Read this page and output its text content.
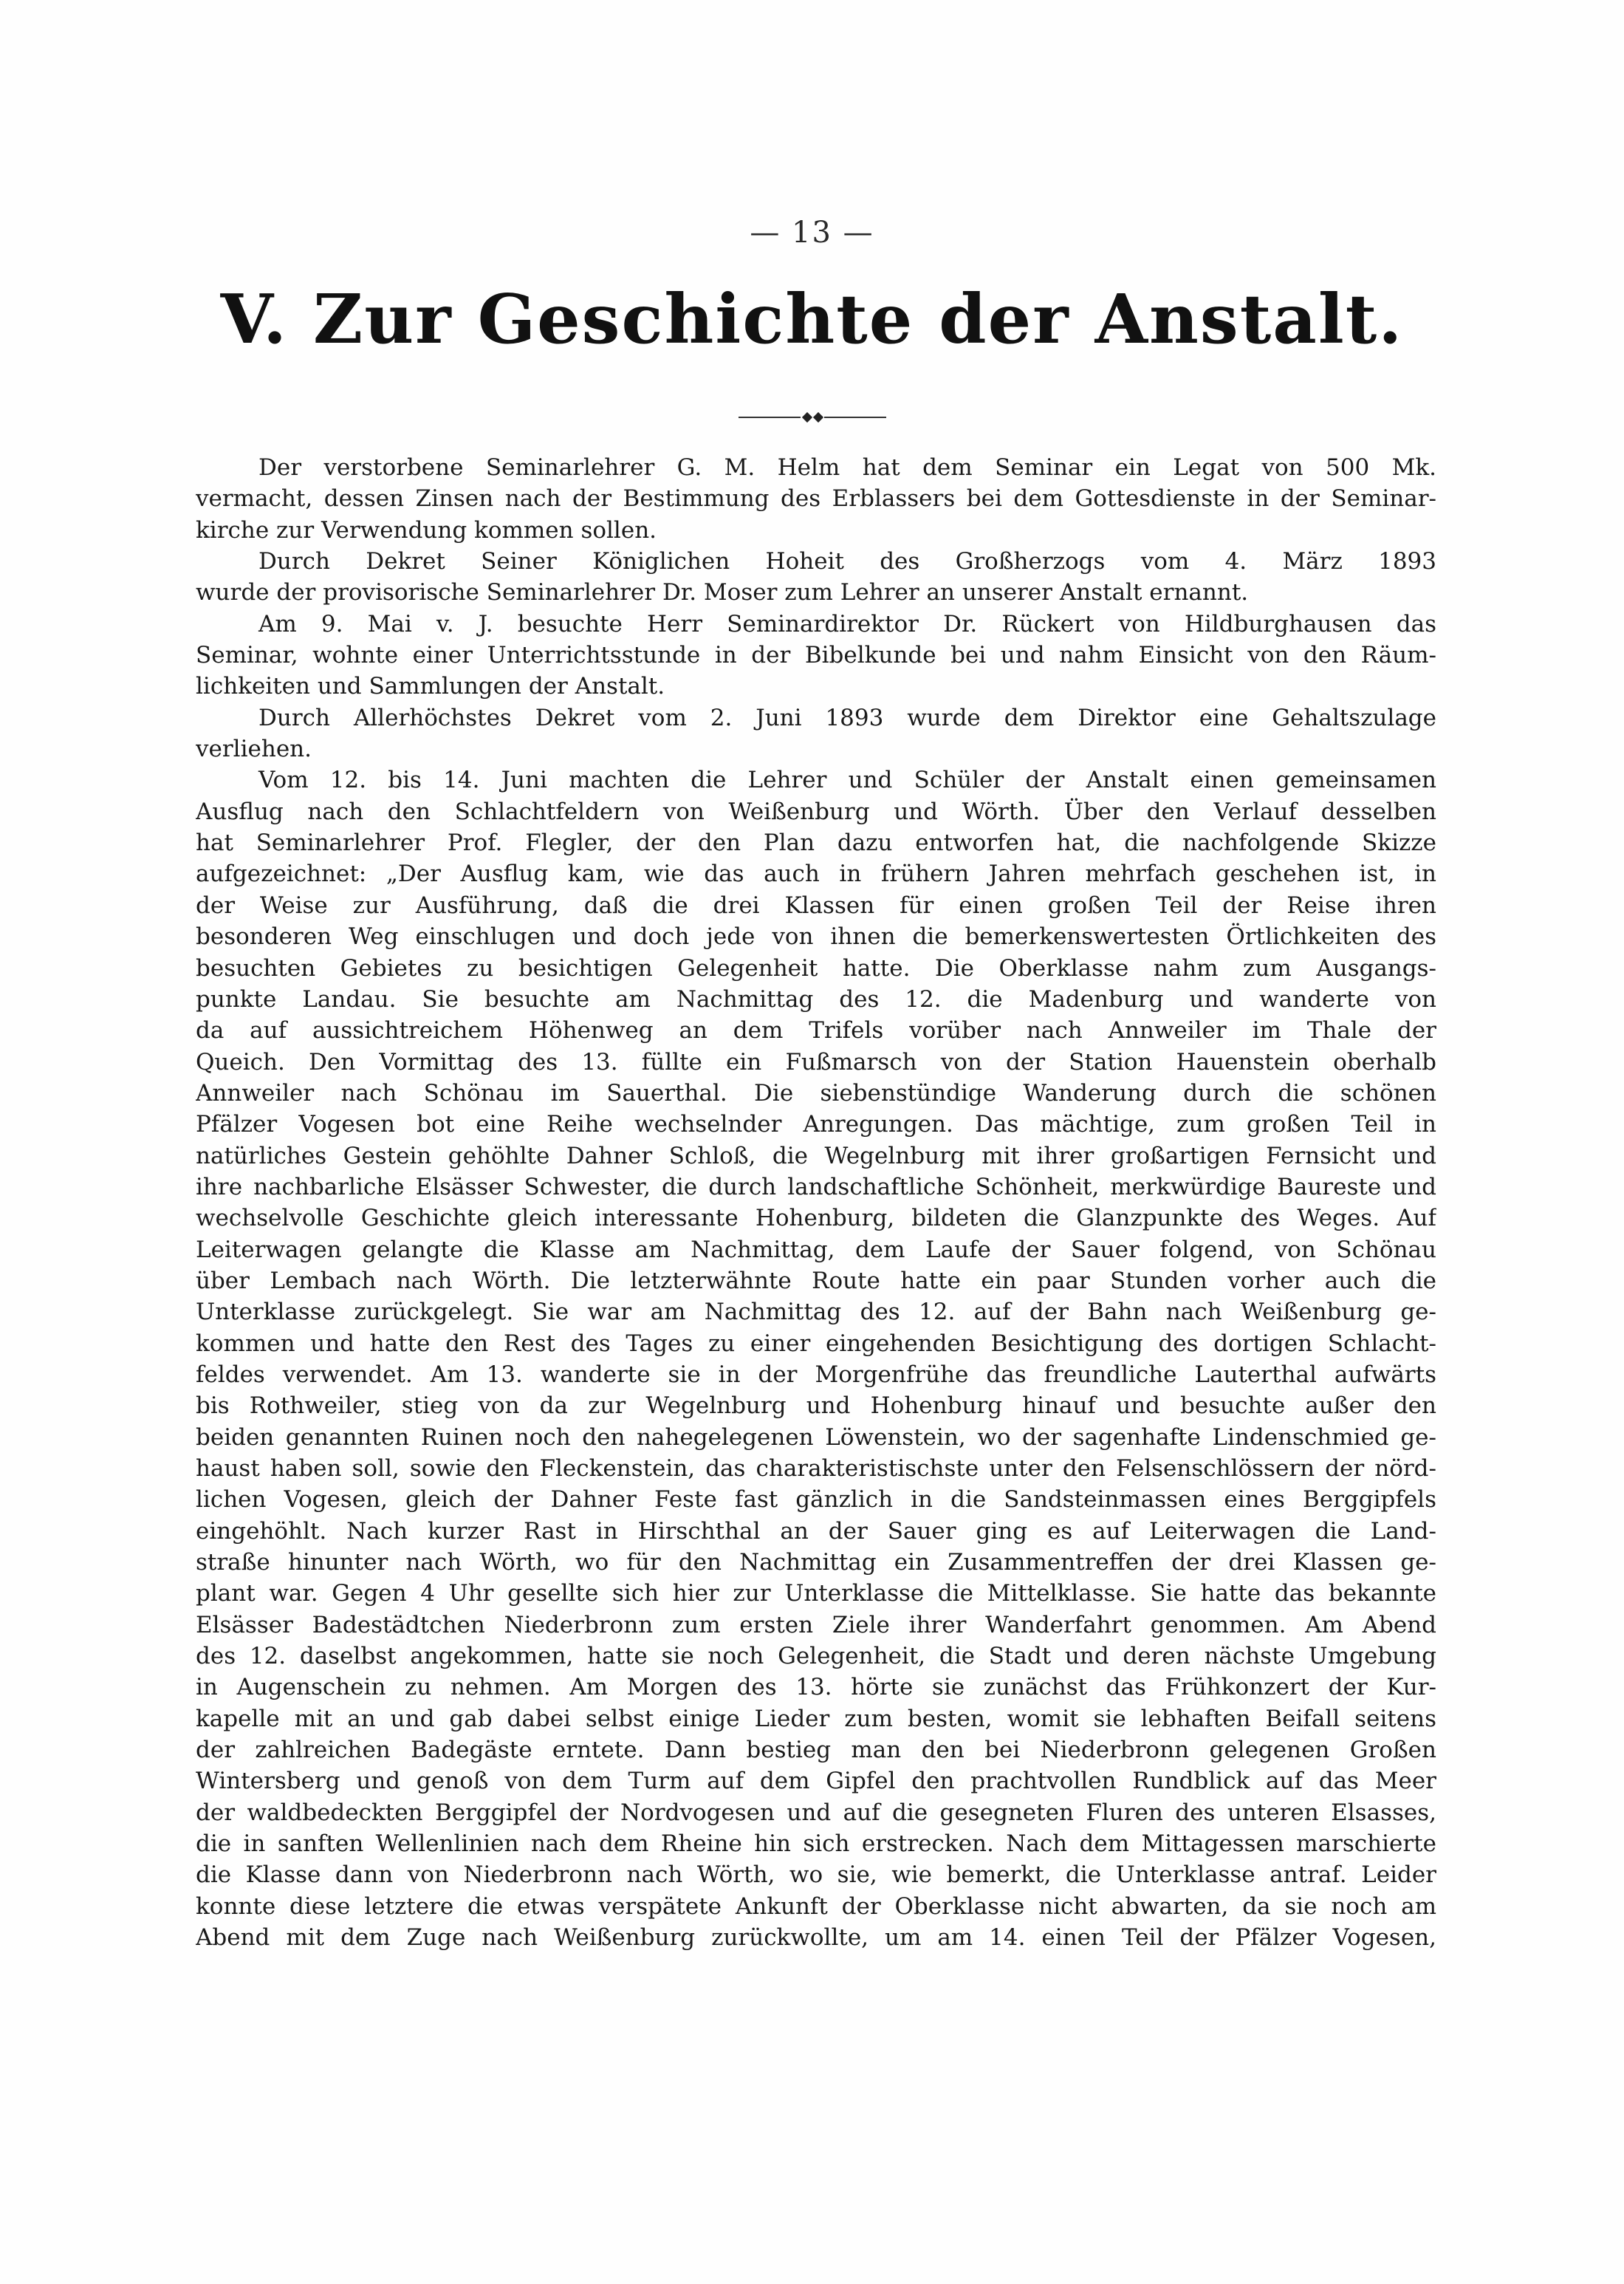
— 13 —
V. Zur Geschichte der Anstalt.
Der verstorbene Seminarlehrer G. M. Helm hat dem Seminar ein Legat von 500 Mk.
vermacht, dessen Zinsen nach der Bestimmung des Erblassers bei dem Gottesdienste in der Seminar-
kirche zur Verwendung kommen sollen.
Durch Dekret Seiner Königlichen Hoheit des Großherzogs vom 4. März 1893
wurde der provisorische Seminarlehrer Dr. Moser zum Lehrer an unserer Anstalt ernannt.
Am 9. Mai v. J. besuchte Herr Seminardirektor Dr. Rückert von Hildburghausen das
Seminar, wohnte einer Unterrichtsstunde in der Bibelkunde bei und nahm Einsicht von den Räum-
lichkeiten und Sammlungen der Anstalt.
Durch Allerhöchstes Dekret vom 2. Juni 1893 wurde dem Direktor eine Gehaltszulage
verliehen.
Vom 12. bis 14. Juni machten die Lehrer und Schüler der Anstalt einen gemeinsamen
Ausflug nach den Schlachtfeldern von Weißenburg und Wörth. Über den Verlauf desselben
hat Seminarlehrer Prof. Flegler, der den Plan dazu entworfen hat, die nachfolgende Skizze
aufgezeichnet: „Der Ausflug kam, wie das auch in frühern Jahren mehrfach geschehen ist, in
der Weise zur Ausführung, daß die drei Klassen für einen großen Teil der Reise ihren
besonderen Weg einschlugen und doch jede von ihnen die bemerkenswertesten Örtlichkeiten des
besuchten Gebietes zu besichtigen Gelegenheit hatte. Die Oberklasse nahm zum Ausgangs-
punkte Landau. Sie besuchte am Nachmittag des 12. die Madenburg und wanderte von
da auf aussichtreichem Höhenweg an dem Trifels vorüber nach Annweiler im Thale der
Queich. Den Vormittag des 13. füllte ein Fußmarsch von der Station Hauenstein oberhalb
Annweiler nach Schönau im Sauerthal. Die siebenstündige Wanderung durch die schönen
Pfälzer Vogesen bot eine Reihe wechselnder Anregungen. Das mächtige, zum großen Teil in
natürliches Gestein gehöhlte Dahner Schloß, die Wegelnburg mit ihrer großartigen Fernsicht und
ihre nachbarliche Elsässer Schwester, die durch landschaftliche Schönheit, merkwürdige Baureste und
wechselvolle Geschichte gleich interessante Hohenburg, bildeten die Glanzpunkte des Weges. Auf
Leiterwagen gelangte die Klasse am Nachmittag, dem Laufe der Sauer folgend, von Schönau
über Lembach nach Wörth. Die letzterwähnte Route hatte ein paar Stunden vorher auch die
Unterklasse zurückgelegt. Sie war am Nachmittag des 12. auf der Bahn nach Weißenburg ge-
kommen und hatte den Rest des Tages zu einer eingehenden Besichtigung des dortigen Schlacht-
feldes verwendet. Am 13. wanderte sie in der Morgenfrühe das freundliche Lauterthal aufwärts
bis Rothweiler, stieg von da zur Wegelnburg und Hohenburg hinauf und besuchte außer den
beiden genannten Ruinen noch den nahegelegenen Löwenstein, wo der sagenhafte Lindenschmied ge-
haust haben soll, sowie den Fleckenstein, das charakteristischste unter den Felsenschlössern der nörd-
lichen Vogesen, gleich der Dahner Feste fast gänzlich in die Sandsteinmassen eines Berggipfels
eingehöhlt. Nach kurzer Rast in Hirschthal an der Sauer ging es auf Leiterwagen die Land-
straße hinunter nach Wörth, wo für den Nachmittag ein Zusammentreffen der drei Klassen ge-
plant war. Gegen 4 Uhr gesellte sich hier zur Unterklasse die Mittelklasse. Sie hatte das bekannte
Elsässer Badestädtchen Niederbronn zum ersten Ziele ihrer Wanderfahrt genommen. Am Abend
des 12. daselbst angekommen, hatte sie noch Gelegenheit, die Stadt und deren nächste Umgebung
in Augenschein zu nehmen. Am Morgen des 13. hörte sie zunächst das Frühkonzert der Kur-
kapelle mit an und gab dabei selbst einige Lieder zum besten, womit sie lebhaften Beifall seitens
der zahlreichen Badegäste erntete. Dann bestieg man den bei Niederbronn gelegenen Großen
Wintersberg und genoß von dem Turm auf dem Gipfel den prachtvollen Rundblick auf das Meer
der waldbedeckten Berggipfel der Nordvogesen und auf die gesegneten Fluren des unteren Elsasses,
die in sanften Wellenlinien nach dem Rheine hin sich erstrecken. Nach dem Mittagessen marschierte
die Klasse dann von Niederbronn nach Wörth, wo sie, wie bemerkt, die Unterklasse antraf. Leider
konnte diese letztere die etwas verspätete Ankunft der Oberklasse nicht abwarten, da sie noch am
Abend mit dem Zuge nach Weißenburg zurückwollte, um am 14. einen Teil der Pfälzer Vogesen,
